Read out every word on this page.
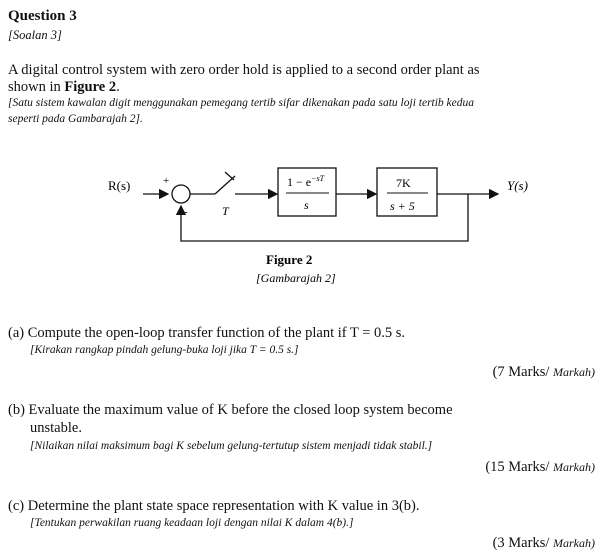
Question 3
[Soalan 3]
A digital control system with zero order hold is applied to a second order plant as
shown in Figure 2.
[Satu sistem kawalan digit menggunakan pemegang tertib sifar dikenakan pada satu loji tertib kedua
seperti pada Gambarajah 2].
R(s)	+
-	T
$1 - e^{-sT}$
s
7K
s + 5
Y(s)
Figure 2
[Gambarajah 2]
(a) Compute the open-loop transfer function of the plant if T = 0.5 s.
[Kirakan rangkap pindah gelung-buka loji jika T = 0.5 s.]
(7 Marks/ Markah)
(b) Evaluate the maximum value of K before the closed loop system become
unstable.
[Nilaikan nilai maksimum bagi K sebelum gelung-tertutup sistem menjadi tidak stabil.]
(15 Marks/ Markah)
(c) Determine the plant state space representation with K value in 3(b).
[Tentukan perwakilan ruang keadaan loji dengan nilai K dalam 4(b).]
(3 Marks/ Markah)
